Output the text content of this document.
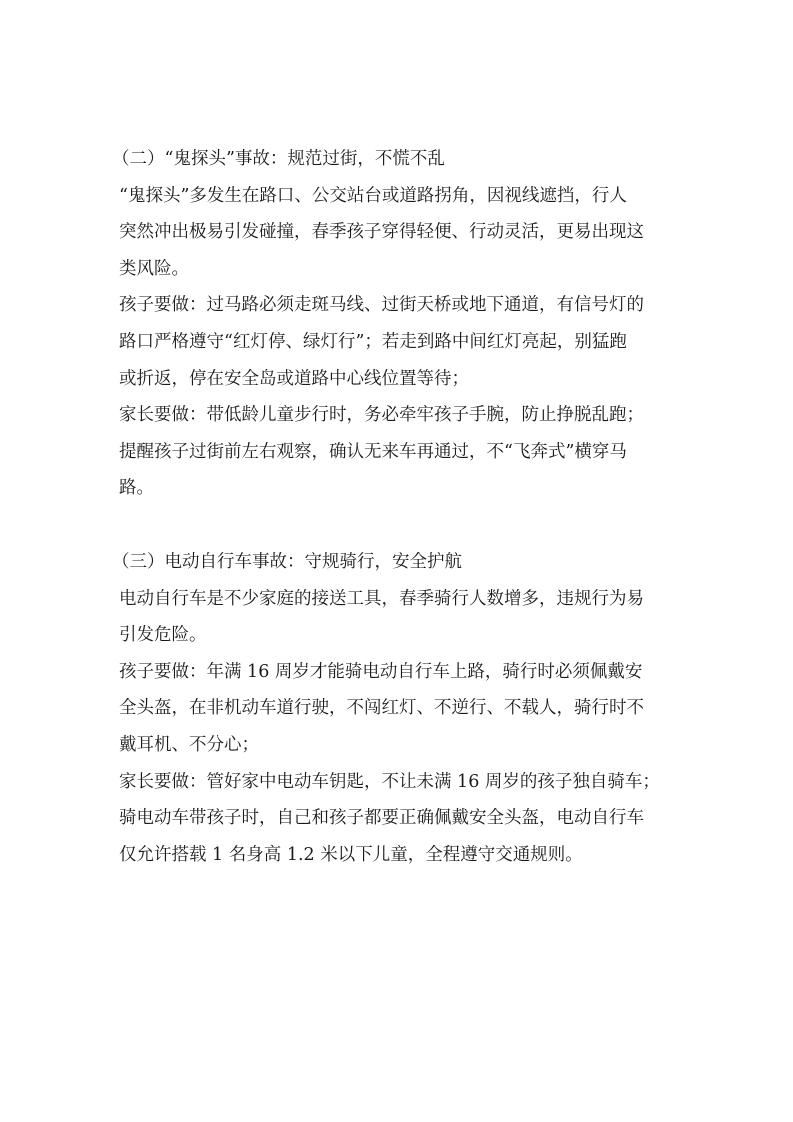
（二）“鬼探头”事故：规范过街，不慌不乱
“鬼探头”多发生在路口、公交站台或道路拐角，因视线遮挡，行人
突然冲出极易引发碰撞，春季孩子穿得轻便、行动灵活，更易出现这
类风险。
孩子要做：过马路必须走斑马线、过街天桥或地下通道，有信号灯的
路口严格遵守“红灯停、绿灯行”；若走到路中间红灯亮起，别猛跑
或折返，停在安全岛或道路中心线位置等待；
家长要做：带低龄儿童步行时，务必牵牢孩子手腕，防止挣脱乱跑；
提醒孩子过街前左右观察，确认无来车再通过，不“飞奔式”横穿马
路。
（三）电动自行车事故：守规骑行，安全护航
电动自行车是不少家庭的接送工具，春季骑行人数增多，违规行为易
引发危险。
孩子要做：年满 16 周岁才能骑电动自行车上路，骑行时必须佩戴安
全头盔，在非机动车道行驶，不闯红灯、不逆行、不载人，骑行时不
戴耳机、不分心；
家长要做：管好家中电动车钥匙，不让未满 16 周岁的孩子独自骑车；
骑电动车带孩子时，自己和孩子都要正确佩戴安全头盔，电动自行车
仅允许搭载 1 名身高 1.2 米以下儿童，全程遵守交通规则。
